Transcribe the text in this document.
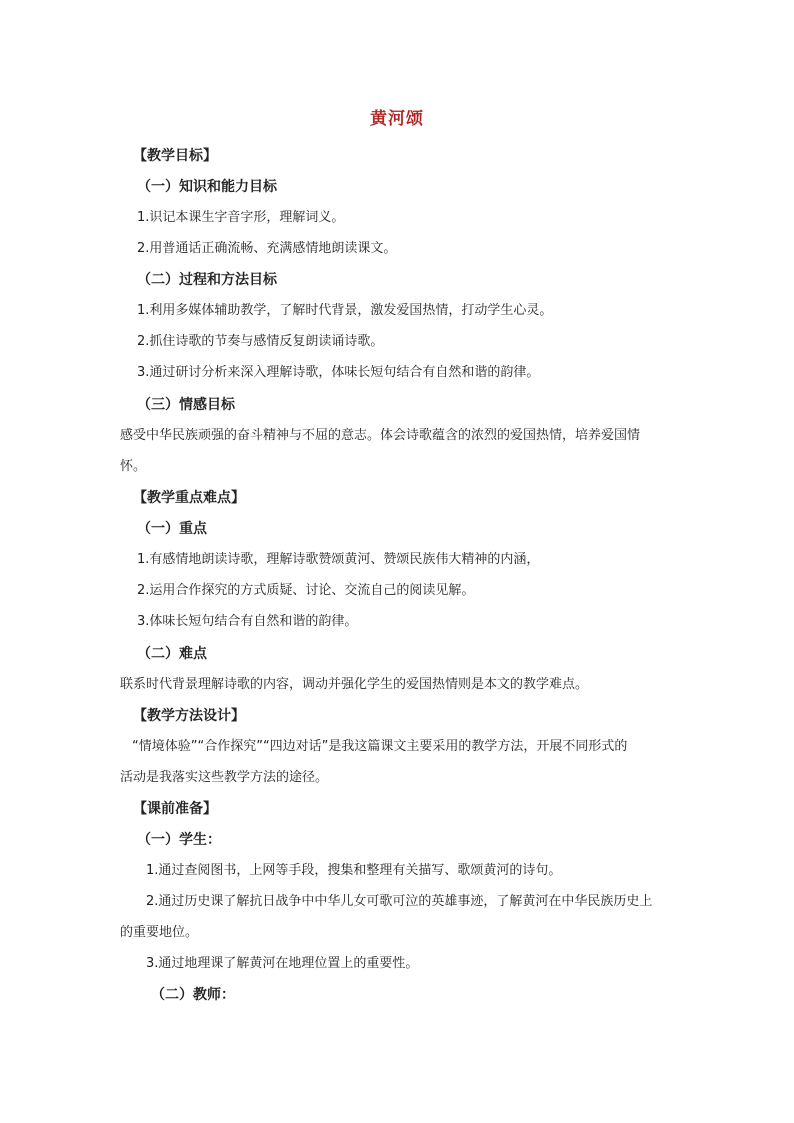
黄河颂
【教学目标】
（一）知识和能力目标
1.识记本课生字音字形，理解词义。
2.用普通话正确流畅、充满感情地朗读课文。
（二）过程和方法目标
1.利用多媒体辅助教学，了解时代背景，激发爱国热情，打动学生心灵。
2.抓住诗歌的节奏与感情反复朗读诵诗歌。
3.通过研讨分析来深入理解诗歌，体味长短句结合有自然和谐的韵律。
（三）情感目标
感受中华民族顽强的奋斗精神与不屈的意志。体会诗歌蕴含的浓烈的爱国热情，培养爱国情
怀。
【教学重点难点】
（一）重点
1.有感情地朗读诗歌，理解诗歌赞颂黄河、赞颂民族伟大精神的内涵，
2.运用合作探究的方式质疑、讨论、交流自己的阅读见解。
3.体味长短句结合有自然和谐的韵律。
（二）难点
联系时代背景理解诗歌的内容，调动并强化学生的爱国热情则是本文的教学难点。
【教学方法设计】
“情境体验”“合作探究”“四边对话”是我这篇课文主要采用的教学方法，开展不同形式的
活动是我落实这些教学方法的途径。
【课前准备】
（一）学生：
1.通过查阅图书，上网等手段，搜集和整理有关描写、歌颂黄河的诗句。
2.通过历史课了解抗日战争中中华儿女可歌可泣的英雄事迹，了解黄河在中华民族历史上
的重要地位。
3.通过地理课了解黄河在地理位置上的重要性。
（二）教师：
